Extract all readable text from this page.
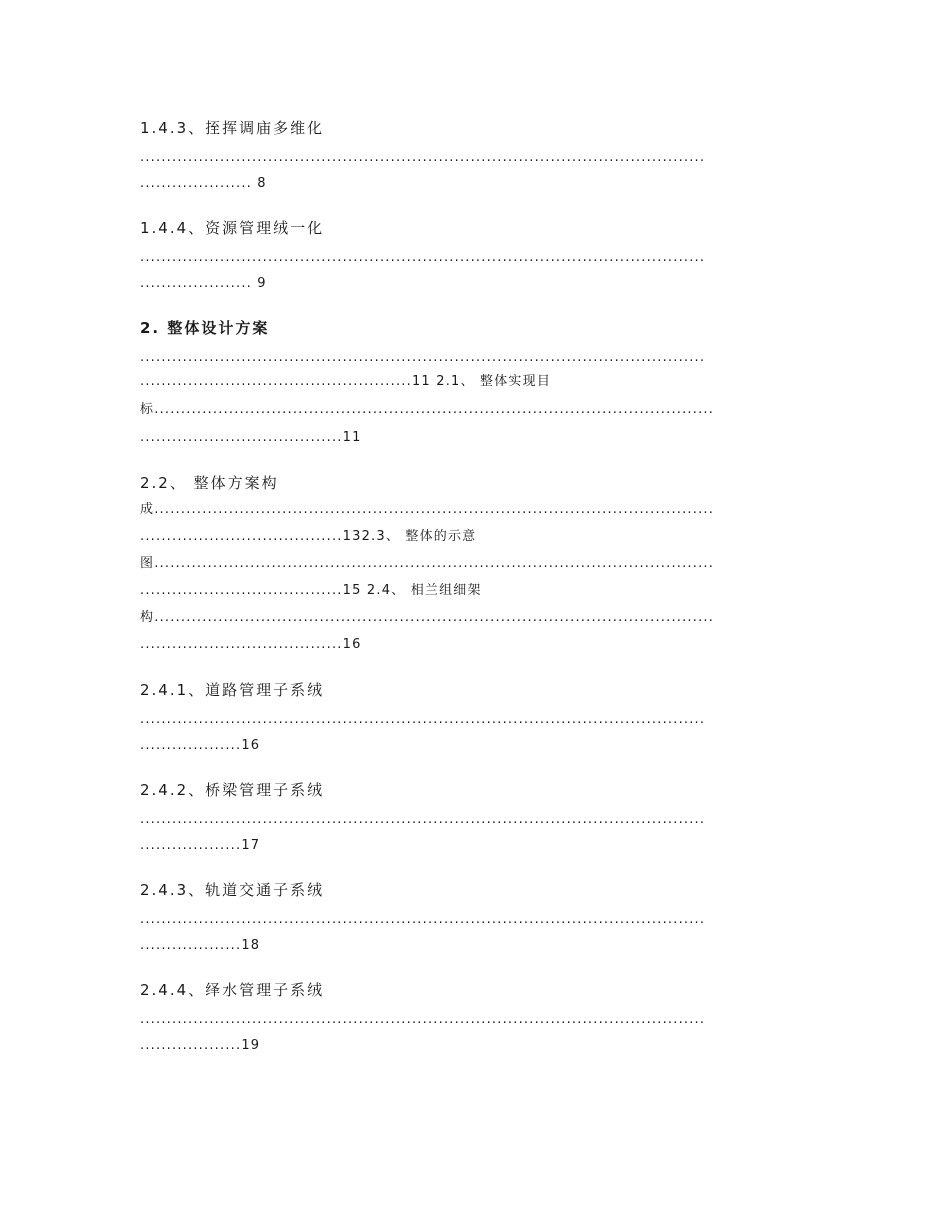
1.4.3、挃挥调庙多维化
..........................................................................................................
..................... 8
1.4.4、资源管理绒一化
..........................................................................................................
..................... 9
2. 整体设计方案
..........................................................................................................
...................................................11 2.1、 整体实现目
标.........................................................................................................
......................................11
2.2、 整体方案构
成.........................................................................................................
......................................132.3、 整体的示意
图.........................................................................................................
......................................15 2.4、 相兰组细架
构.........................................................................................................
......................................16
2.4.1、道路管理子系绒
..........................................................................................................
...................16
2.4.2、桥梁管理子系绒
..........................................................................................................
...................17
2.4.3、轨道交通子系绒
..........................................................................................................
...................18
2.4.4、绎水管理子系绒
..........................................................................................................
...................19
